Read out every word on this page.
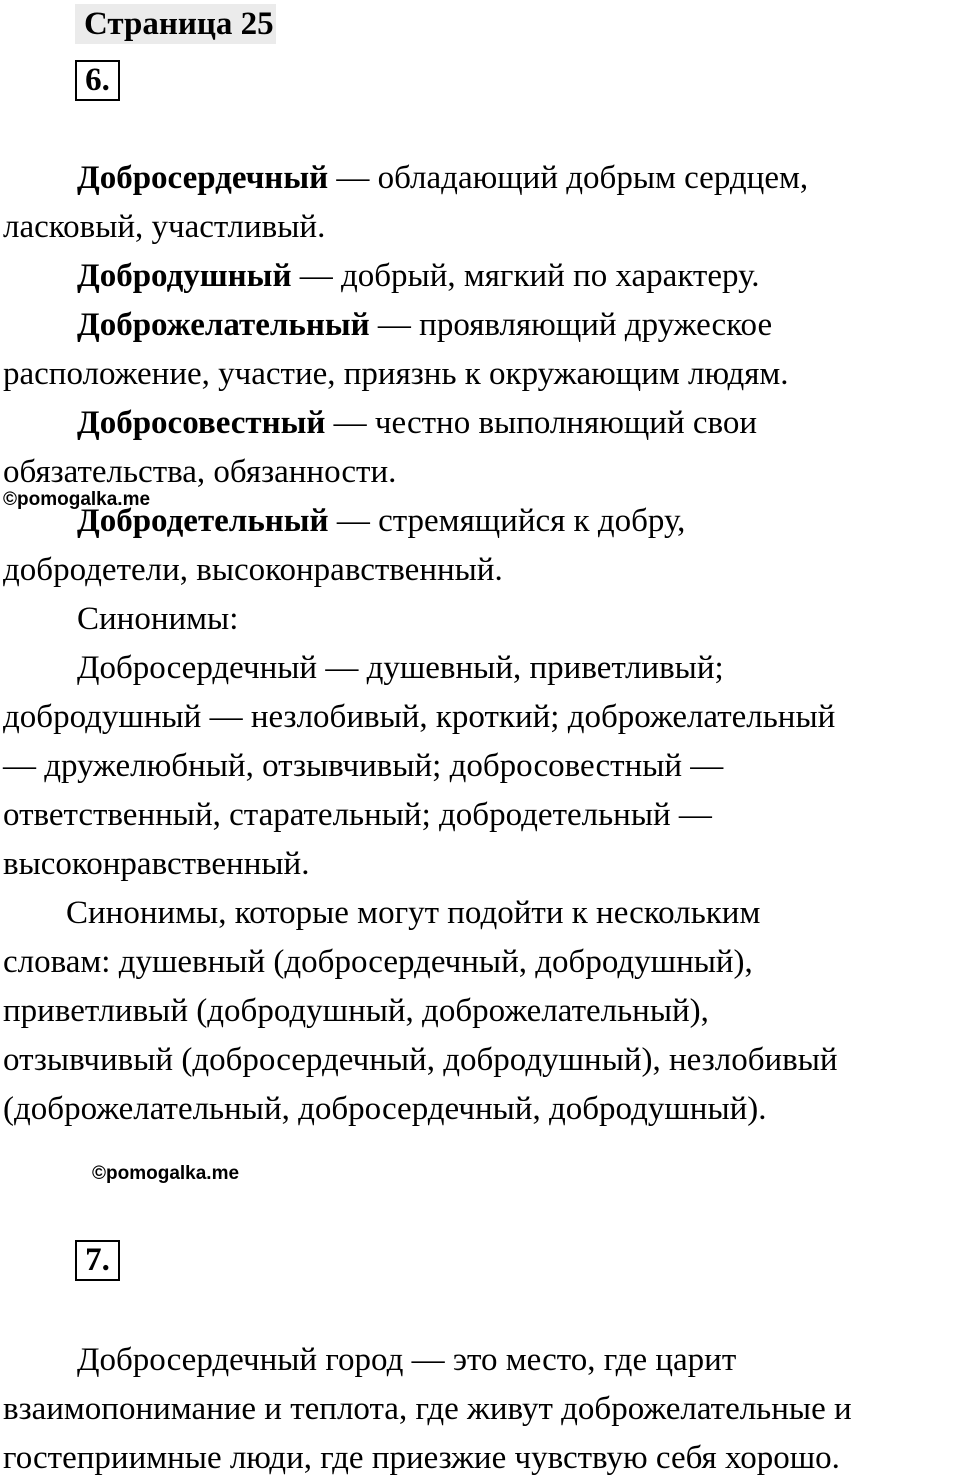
Страница 25
6.
Добросердечный — обладающий добрым сердцем,
ласковый, участливый.
Добродушный — добрый, мягкий по характеру.
Доброжелательный — проявляющий дружеское
расположение, участие, приязнь к окружающим людям.
Добросовестный — честно выполняющий свои
обязательства, обязанности.
Добродетельный — стремящийся к добру,
добродетели, высоконравственный.
Синонимы:
Добросердечный — душевный, приветливый;
добродушный — незлобивый, кроткий; доброжелательный
— дружелюбный, отзывчивый; добросовестный —
ответственный, старательный; добродетельный —
высоконравственный.
Синонимы, которые могут подойти к нескольким
словам: душевный (добросердечный, добродушный),
приветливый (добродушный, доброжелательный),
отзывчивый (добросердечный, добродушный), незлобивый
(доброжелательный, добросердечный, добродушный).
©pomogalka.me
©pomogalka.me
7.
Добросердечный город — это место, где царит
взаимопонимание и теплота, где живут доброжелательные и
гостеприимные люди, где приезжие чувствую себя хорошо.
